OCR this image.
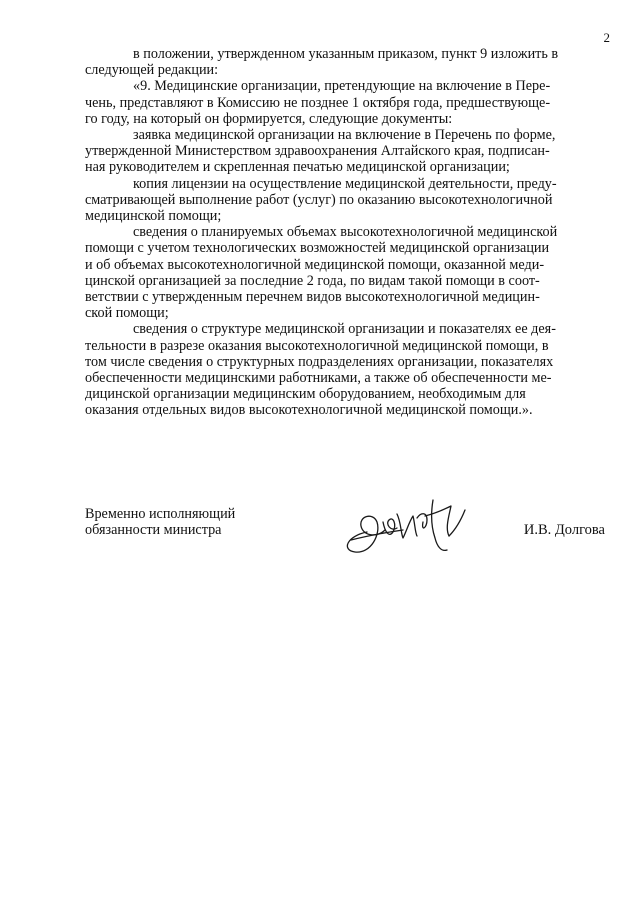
2

в положении, утвержденном указанным приказом, пункт 9 изложить в
следующей редакции:

«9. Медицинские организации, претендующие на включение в Пере-
чень, представляют в Комиссию не позднее 1 октября года, предшествующе-
го году, на который он формируется, следующие документы:

заявка медицинской организации на включение в Перечень по форме,
утвержденной Министерством здравоохранения Алтайского края, подписан-
ная руководителем и скрепленная печатью медицинской организации;

копия лицензии на осуществление медицинской деятельности, преду-
сматривающей выполнение работ (услуг) по оказанию высокотехнологичной
медицинской помощи;

сведения о планируемых объемах высокотехнологичной медицинской
помощи с учетом технологических возможностей медицинской организации
и об объемах высокотехнологичной медицинской помощи, оказанной меди-
цинской организацией за последние 2 года, по видам такой помощи в соот-
ветствии с утвержденным перечнем видов высокотехнологичной медицин-
ской помощи;

сведения о структуре медицинской организации и показателях ее дея-
тельности в разрезе оказания высокотехнологичной медицинской помощи, в
том числе сведения о структурных подразделениях организации, показателях
обеспеченности медицинскими работниками, а также об обеспеченности ме-
дицинской организации медицинским оборудованием, необходимым для
оказания отдельных видов высокотехнологичной медицинской помощи.».

Временно исполняющий
обязанности министра	И.В. Долгова
